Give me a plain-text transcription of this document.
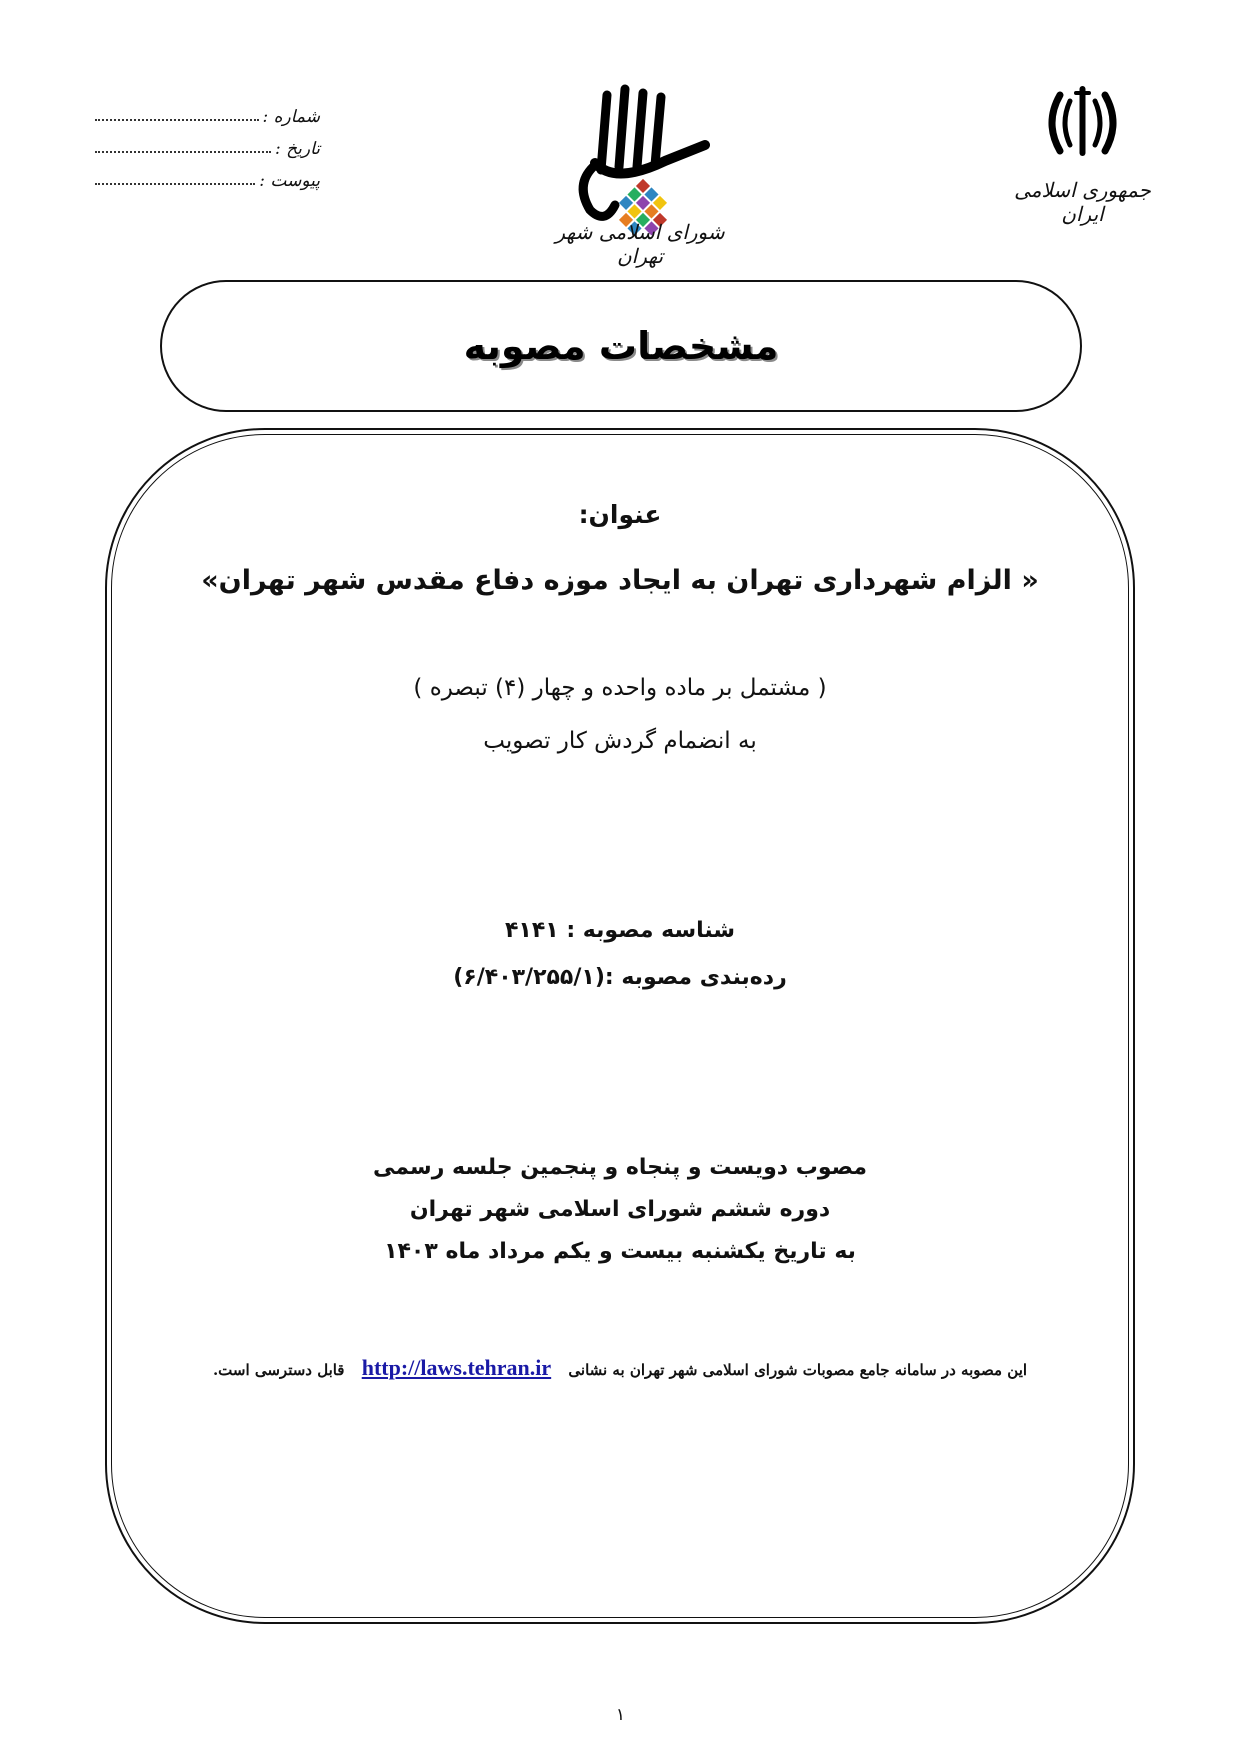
شماره :
تاریخ :
پیوست :
شورای اسلامی شهر تهران
جمهوری اسلامی ایران
مشخصات مصوبه
عنوان:
« الزام شهرداری تهران به ایجاد موزه دفاع مقدس شهر تهران»
( مشتمل بر ماده واحده و چهار (۴) تبصره )
به انضمام گردش کار تصویب
شناسه مصوبه : ۴۱۴۱
رده‌بندی مصوبه :(۶/۴۰۳/۲۵۵/۱)
مصوب دویست و پنجاه و پنجمین جلسه رسمی
دوره ششم شورای اسلامی شهر تهران
به تاریخ یکشنبه بیست و یکم مرداد ماه ۱۴۰۳
این مصوبه در سامانه جامع مصوبات شورای اسلامی شهر تهران به نشانی http://laws.tehran.ir قابل دسترسی است.
۱
